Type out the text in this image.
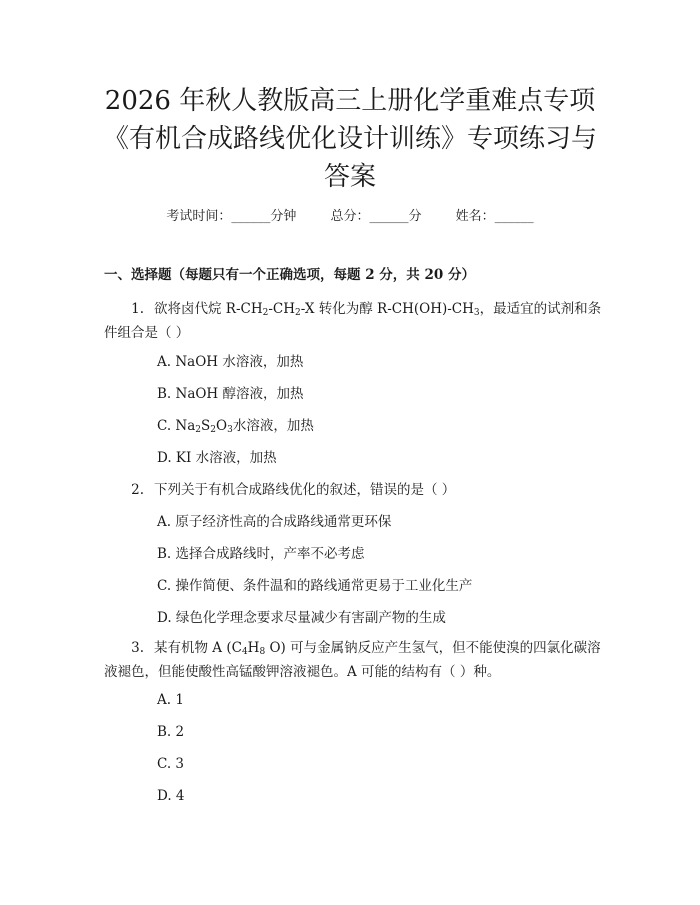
2026 年秋人教版高三上册化学重难点专项
《有机合成路线优化设计训练》专项练习与
答案
考试时间：______分钟	总分：______分	姓名：______
一、选择题（每题只有一个正确选项，每题 2 分，共 20 分）
1. 欲将卤代烷 $R-CH_2-CH_2-X$ 转化为醇 $R-CH(OH)-CH_3$，最适宜的试剂和条件组合是（ ）
A. NaOH 水溶液，加热
B. NaOH 醇溶液，加热
C. $Na_2S_2O_3$水溶液，加热
D. KI 水溶液，加热
2. 下列关于有机合成路线优化的叙述，错误的是（ ）
A. 原子经济性高的合成路线通常更环保
B. 选择合成路线时，产率不必考虑
C. 操作简便、条件温和的路线通常更易于工业化生产
D. 绿色化学理念要求尽量减少有害副产物的生成
3. 某有机物 A ($C_4H_8$ O) 可与金属钠反应产生氢气，但不能使溴的四氯化碳溶液褪色，但能使酸性高锰酸钾溶液褪色。A 可能的结构有（ ）种。
A. 1
B. 2
C. 3
D. 4
